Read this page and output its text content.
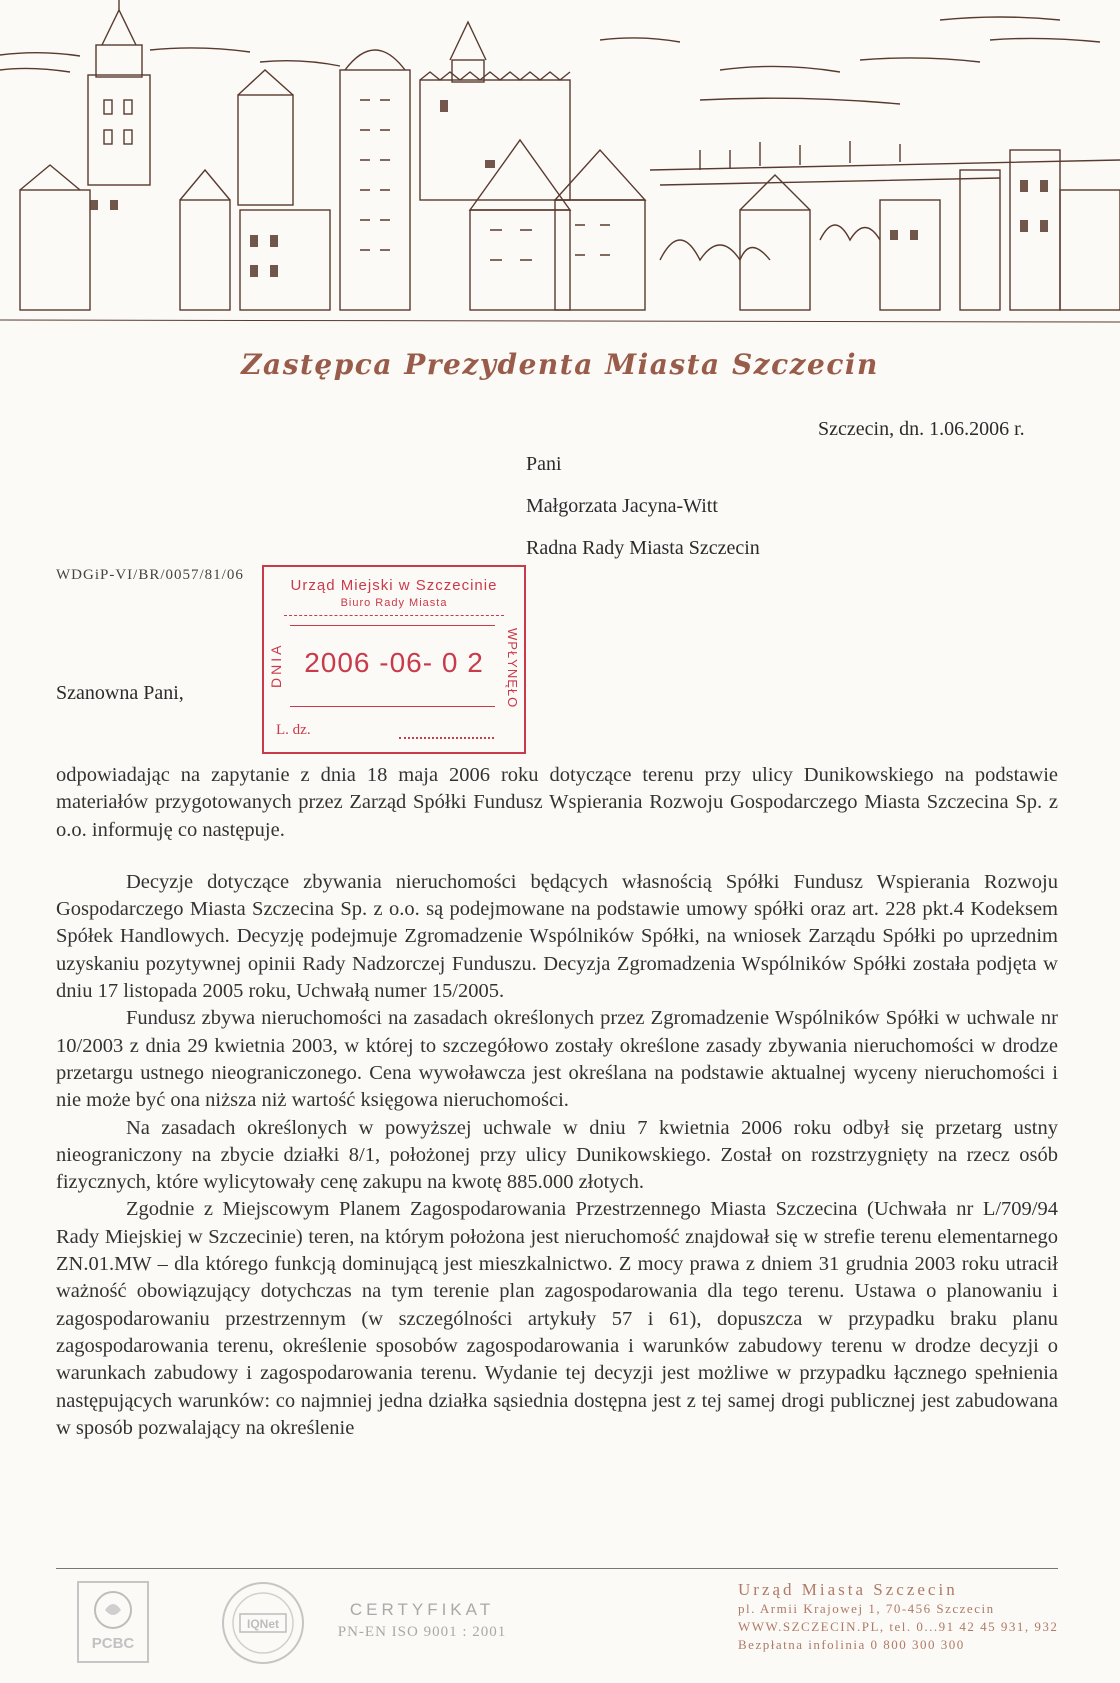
Zastępca Prezydenta Miasta Szczecin
Szczecin, dn. 1.06.2006 r.
Pani
Małgorzata Jacyna-Witt
Radna Rady Miasta Szczecin
WDGiP-VI/BR/0057/81/06
Urząd Miejski w Szczecinie
Biuro Rady Miasta
DNIA 2006 -06- 0 2	WPŁYNĘŁO
L. dz.
Szanowna Pani,

odpowiadając na zapytanie z dnia 18 maja 2006 roku dotyczące terenu przy ulicy Dunikowskiego na podstawie materiałów przygotowanych przez Zarząd Spółki Fundusz Wspierania Rozwoju Gospodarczego Miasta Szczecina Sp. z o.o. informuję co następuje.

Decyzje dotyczące zbywania nieruchomości będących własnością Spółki Fundusz Wspierania Rozwoju Gospodarczego Miasta Szczecina Sp. z o.o. są podejmowane na podstawie umowy spółki oraz art. 228 pkt.4 Kodeksem Spółek Handlowych. Decyzję podejmuje Zgromadzenie Wspólników Spółki, na wniosek Zarządu Spółki po uprzednim uzyskaniu pozytywnej opinii Rady Nadzorczej Funduszu. Decyzja Zgromadzenia Wspólników Spółki została podjęta w dniu 17 listopada 2005 roku, Uchwałą numer 15/2005.

Fundusz zbywa nieruchomości na zasadach określonych przez Zgromadzenie Wspólników Spółki w uchwale nr 10/2003 z dnia 29 kwietnia 2003, w której to szczegółowo zostały określone zasady zbywania nieruchomości w drodze przetargu ustnego nieograniczonego. Cena wywoławcza jest określana na podstawie aktualnej wyceny nieruchomości i nie może być ona niższa niż wartość księgowa nieruchomości.

Na zasadach określonych w powyższej uchwale w dniu 7 kwietnia 2006 roku odbył się przetarg ustny nieograniczony na zbycie działki 8/1, położonej przy ulicy Dunikowskiego. Został on rozstrzygnięty na rzecz osób fizycznych, które wylicytowały cenę zakupu na kwotę 885.000 złotych.

Zgodnie z Miejscowym Planem Zagospodarowania Przestrzennego Miasta Szczecina (Uchwała nr L/709/94 Rady Miejskiej w Szczecinie) teren, na którym położona jest nieruchomość znajdował się w strefie terenu elementarnego ZN.01.MW – dla którego funkcją dominującą jest mieszkalnictwo. Z mocy prawa z dniem 31 grudnia 2003 roku utracił ważność obowiązujący dotychczas na tym terenie plan zagospodarowania dla tego terenu. Ustawa o planowaniu i zagospodarowaniu przestrzennym (w szczególności artykuły 57 i 61), dopuszcza w przypadku braku planu zagospodarowania terenu, określenie sposobów zagospodarowania i warunków zabudowy terenu w drodze decyzji o warunkach zabudowy i zagospodarowania terenu. Wydanie tej decyzji jest możliwe w przypadku łącznego spełnienia następujących warunków: co najmniej jedna działka sąsiednia dostępna jest z tej samej drogi publicznej jest zabudowana w sposób pozwalający na określenie

PCBC
IQNet
CERTYFIKAT
PN-EN ISO 9001 : 2001
Urząd Miasta Szczecin
pl. Armii Krajowej 1, 70-456 Szczecin
WWW.SZCZECIN.PL, tel. 0...91 42 45 931, 932
Bezpłatna infolinia 0 800 300 300
